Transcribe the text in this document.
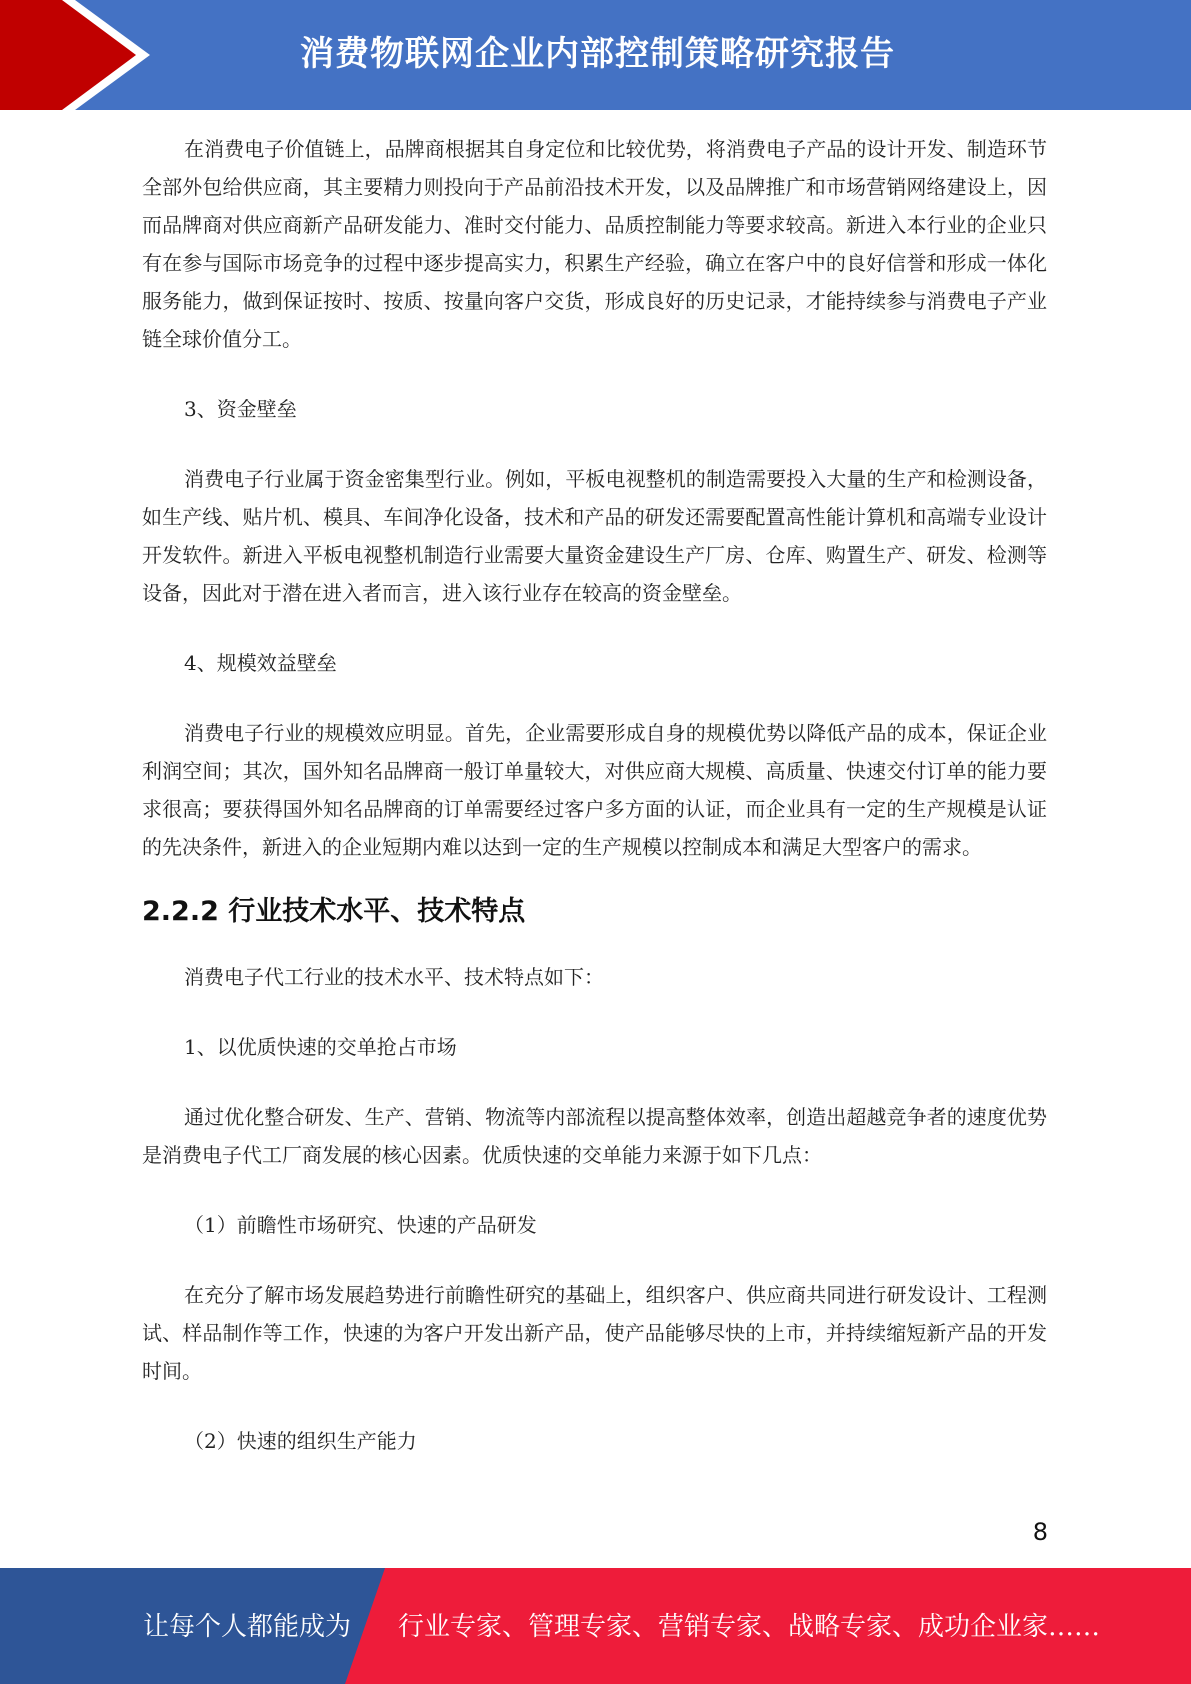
消费物联网企业内部控制策略研究报告

在消费电子价值链上，品牌商根据其自身定位和比较优势，将消费电子产品的设计开发、制造环节全部外包给供应商，其主要精力则投向于产品前沿技术开发，以及品牌推广和市场营销网络建设上，因而品牌商对供应商新产品研发能力、准时交付能力、品质控制能力等要求较高。新进入本行业的企业只有在参与国际市场竞争的过程中逐步提高实力，积累生产经验，确立在客户中的良好信誉和形成一体化服务能力，做到保证按时、按质、按量向客户交货，形成良好的历史记录，才能持续参与消费电子产业链全球价值分工。

3、资金壁垒

消费电子行业属于资金密集型行业。例如，平板电视整机的制造需要投入大量的生产和检测设备，如生产线、贴片机、模具、车间净化设备，技术和产品的研发还需要配置高性能计算机和高端专业设计开发软件。新进入平板电视整机制造行业需要大量资金建设生产厂房、仓库、购置生产、研发、检测等设备，因此对于潜在进入者而言，进入该行业存在较高的资金壁垒。

4、规模效益壁垒

消费电子行业的规模效应明显。首先，企业需要形成自身的规模优势以降低产品的成本，保证企业利润空间；其次，国外知名品牌商一般订单量较大，对供应商大规模、高质量、快速交付订单的能力要求很高；要获得国外知名品牌商的订单需要经过客户多方面的认证，而企业具有一定的生产规模是认证的先决条件，新进入的企业短期内难以达到一定的生产规模以控制成本和满足大型客户的需求。

2.2.2 行业技术水平、技术特点

消费电子代工行业的技术水平、技术特点如下：

1、以优质快速的交单抢占市场

通过优化整合研发、生产、营销、物流等内部流程以提高整体效率，创造出超越竞争者的速度优势是消费电子代工厂商发展的核心因素。优质快速的交单能力来源于如下几点：

（1）前瞻性市场研究、快速的产品研发

在充分了解市场发展趋势进行前瞻性研究的基础上，组织客户、供应商共同进行研发设计、工程测试、样品制作等工作，快速的为客户开发出新产品，使产品能够尽快的上市，并持续缩短新产品的开发时间。

（2）快速的组织生产能力

8
让每个人都能成为 行业专家、管理专家、营销专家、战略专家、成功企业家……
